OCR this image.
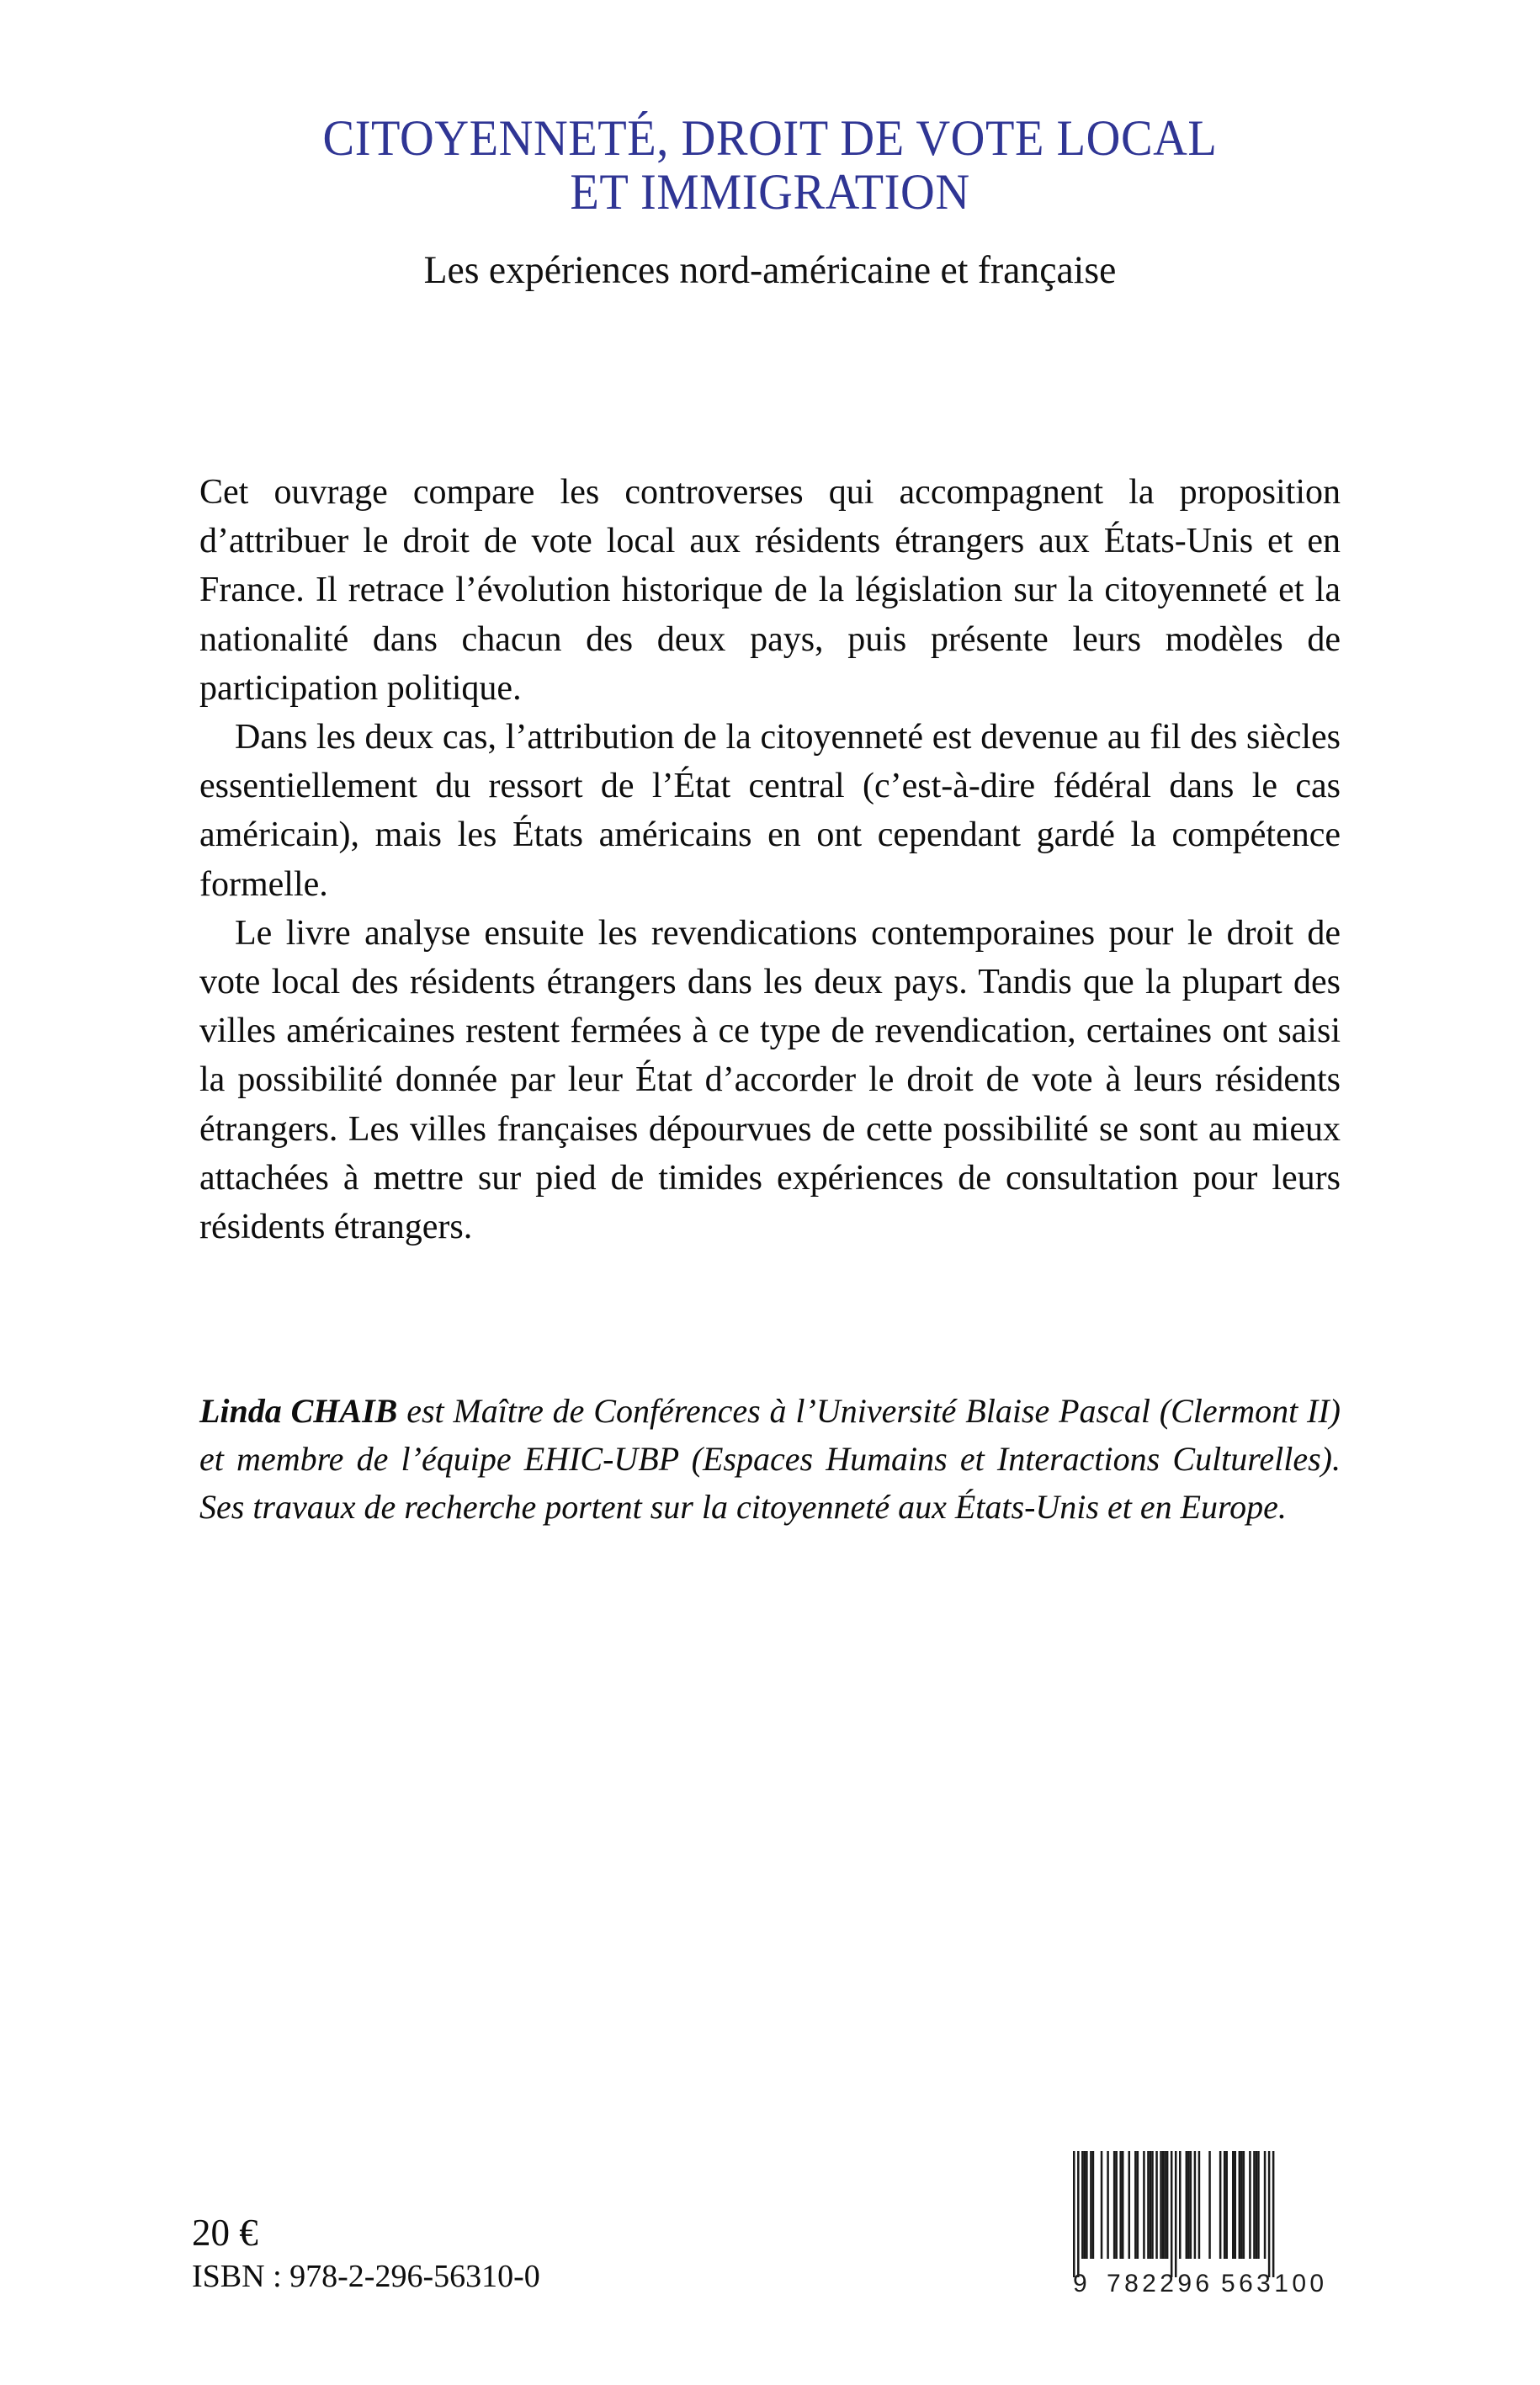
CITOYENNETÉ, DROIT DE VOTE LOCAL
ET IMMIGRATION
Les expériences nord-américaine et française

Cet ouvrage compare les controverses qui accompagnent la proposition d’attribuer le droit de vote local aux résidents étrangers aux États-Unis et en France. Il retrace l’évolution historique de la législation sur la citoyenneté et la nationalité dans chacun des deux pays, puis présente leurs modèles de participation politique.

Dans les deux cas, l’attribution de la citoyenneté est devenue au fil des siècles essentiellement du ressort de l’État central (c’est-à-dire fédéral dans le cas américain), mais les États américains en ont cependant gardé la compétence formelle.

Le livre analyse ensuite les revendications contemporaines pour le droit de vote local des résidents étrangers dans les deux pays. Tandis que la plupart des villes américaines restent fermées à ce type de revendication, certaines ont saisi la possibilité donnée par leur État d’accorder le droit de vote à leurs résidents étrangers. Les villes françaises dépourvues de cette possibilité se sont au mieux attachées à mettre sur pied de timides expériences de consultation pour leurs résidents étrangers.

Linda CHAIB est Maître de Conférences à l’Université Blaise Pascal (Clermont II) et membre de l’équipe EHIC-UBP (Espaces Humains et Interactions Culturelles). Ses travaux de recherche portent sur la citoyenneté aux États-Unis et en Europe.

20 €

ISBN : 978-2-296-56310-0	9 782296 563100
